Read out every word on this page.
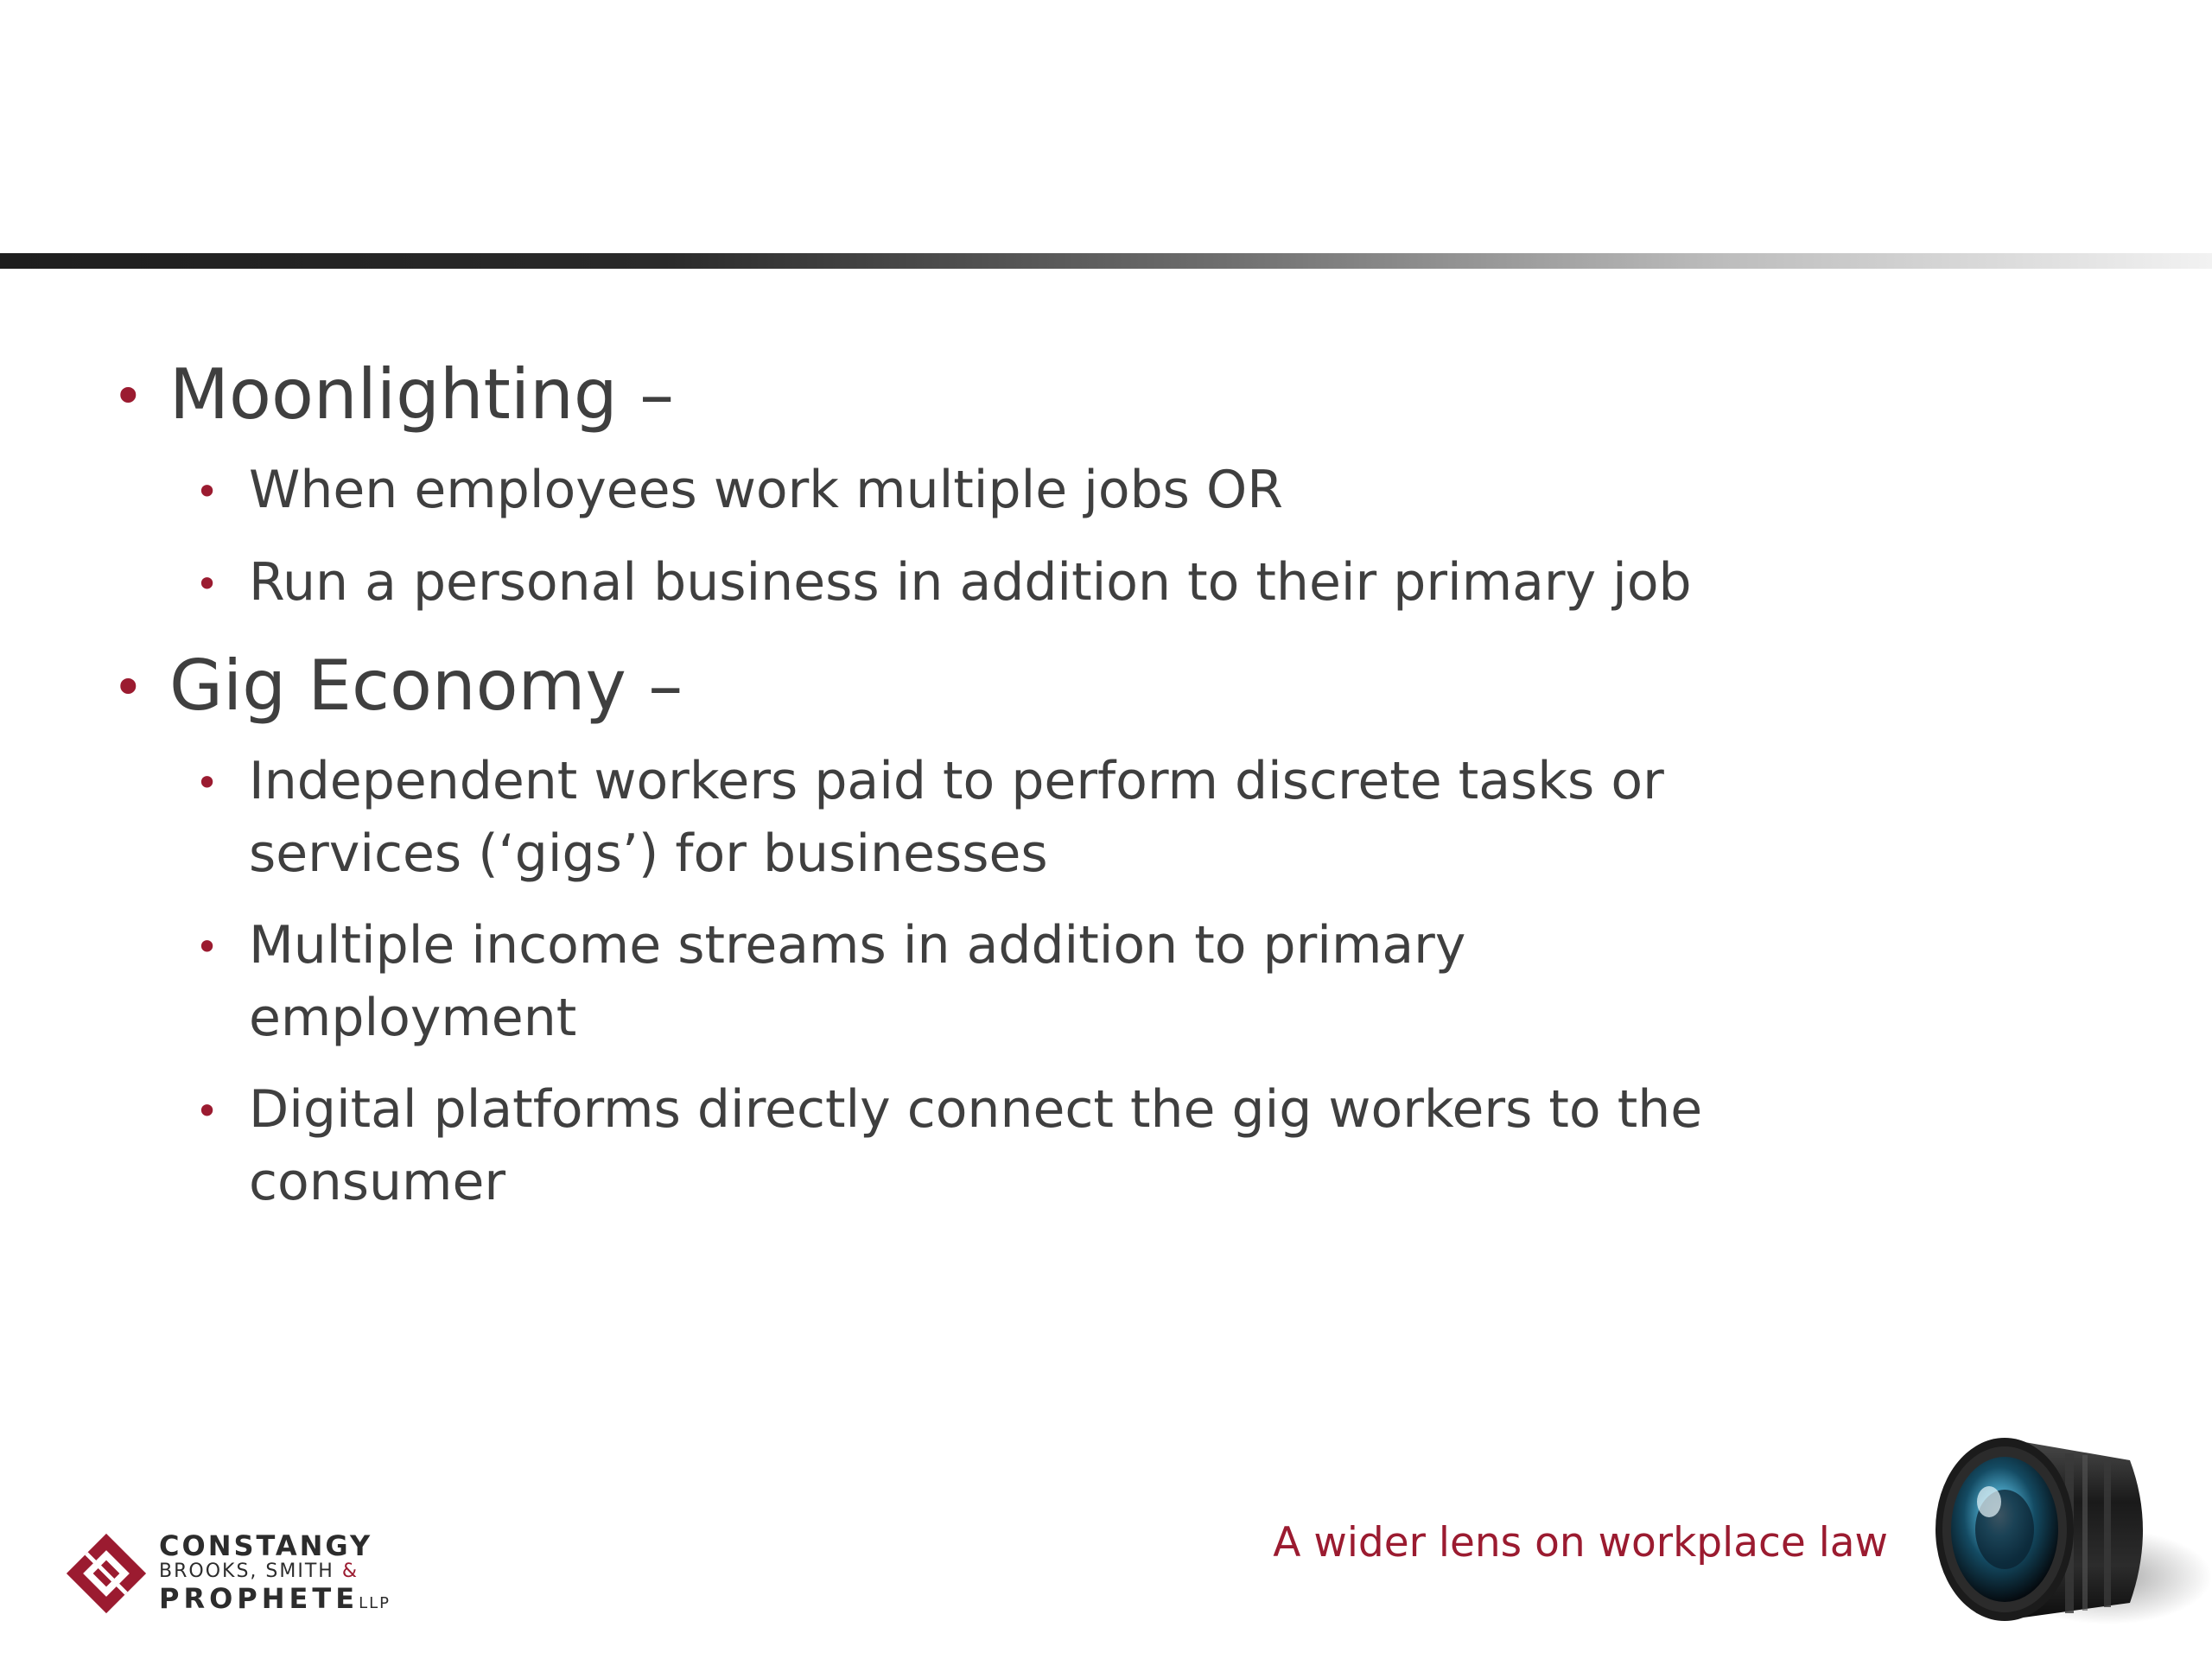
• Moonlighting –
• When employees work multiple jobs OR
• Run a personal business in addition to their primary job
• Gig Economy –
• Independent workers paid to perform discrete tasks or
services (‘gigs’) for businesses
• Multiple income streams in addition to primary
employment
• Digital platforms directly connect the gig workers to the
consumer
CONSTANGY
BROOKS, SMITH &
PROPHETELLP
A wider lens on workplace law
